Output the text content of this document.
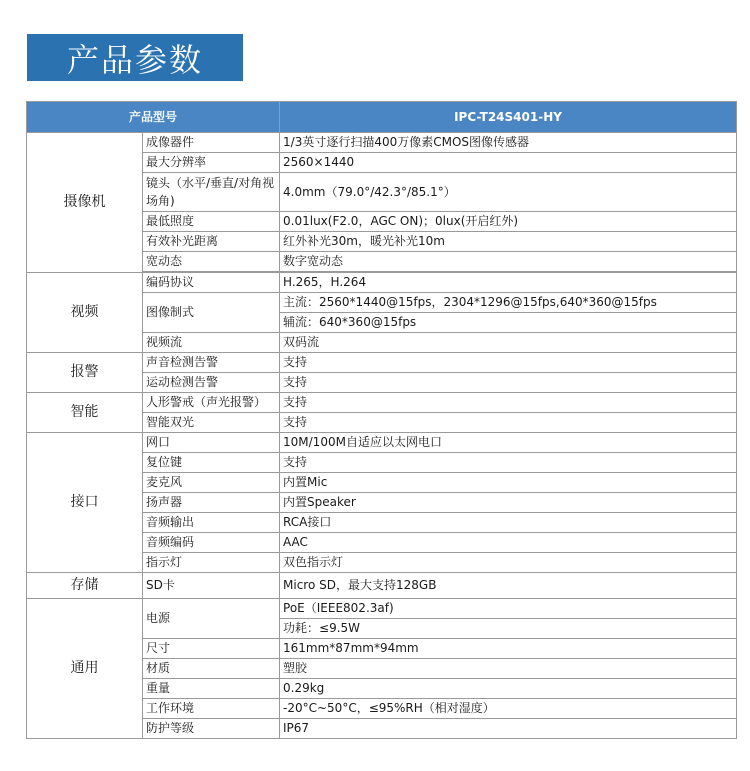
产品参数
产品型号		IPC-T24S401-HY
摄像机	成像器件	1/3英寸逐行扫描400万像素CMOS图像传感器
	最大分辨率	2560×1440
	镜头（水平/垂直/对角视场角)	4.0mm（79.0°/42.3°/85.1°）
	最低照度	0.01lux(F2.0，AGC ON)；0lux(开启红外)
	有效补光距离	红外补光30m，暖光补光10m
	宽动态	数字宽动态

视频	编码协议	H.265，H.264
	图像制式	主流：2560*1440@15fps，2304*1296@15fps,640*360@15fps
		辅流：640*360@15fps
	视频流	双码流
报警	声音检测告警	支持
	运动检测告警	支持
智能	人形警戒（声光报警）	支持
	智能双光	支持
接口	网口	10M/100M自适应以太网电口
	复位键	支持
	麦克风	内置Mic
	扬声器	内置Speaker
	音频输出	RCA接口
	音频编码	AAC
	指示灯	双色指示灯
存储	SD卡	Micro SD，最大支持128GB
通用	电源	PoE（IEEE802.3af)
		功耗：≤9.5W
	尺寸	161mm*87mm*94mm
	材质	塑胶
	重量	0.29kg
	工作环境	-20°C~50°C，≤95%RH（相对湿度）
	防护等级	IP67
